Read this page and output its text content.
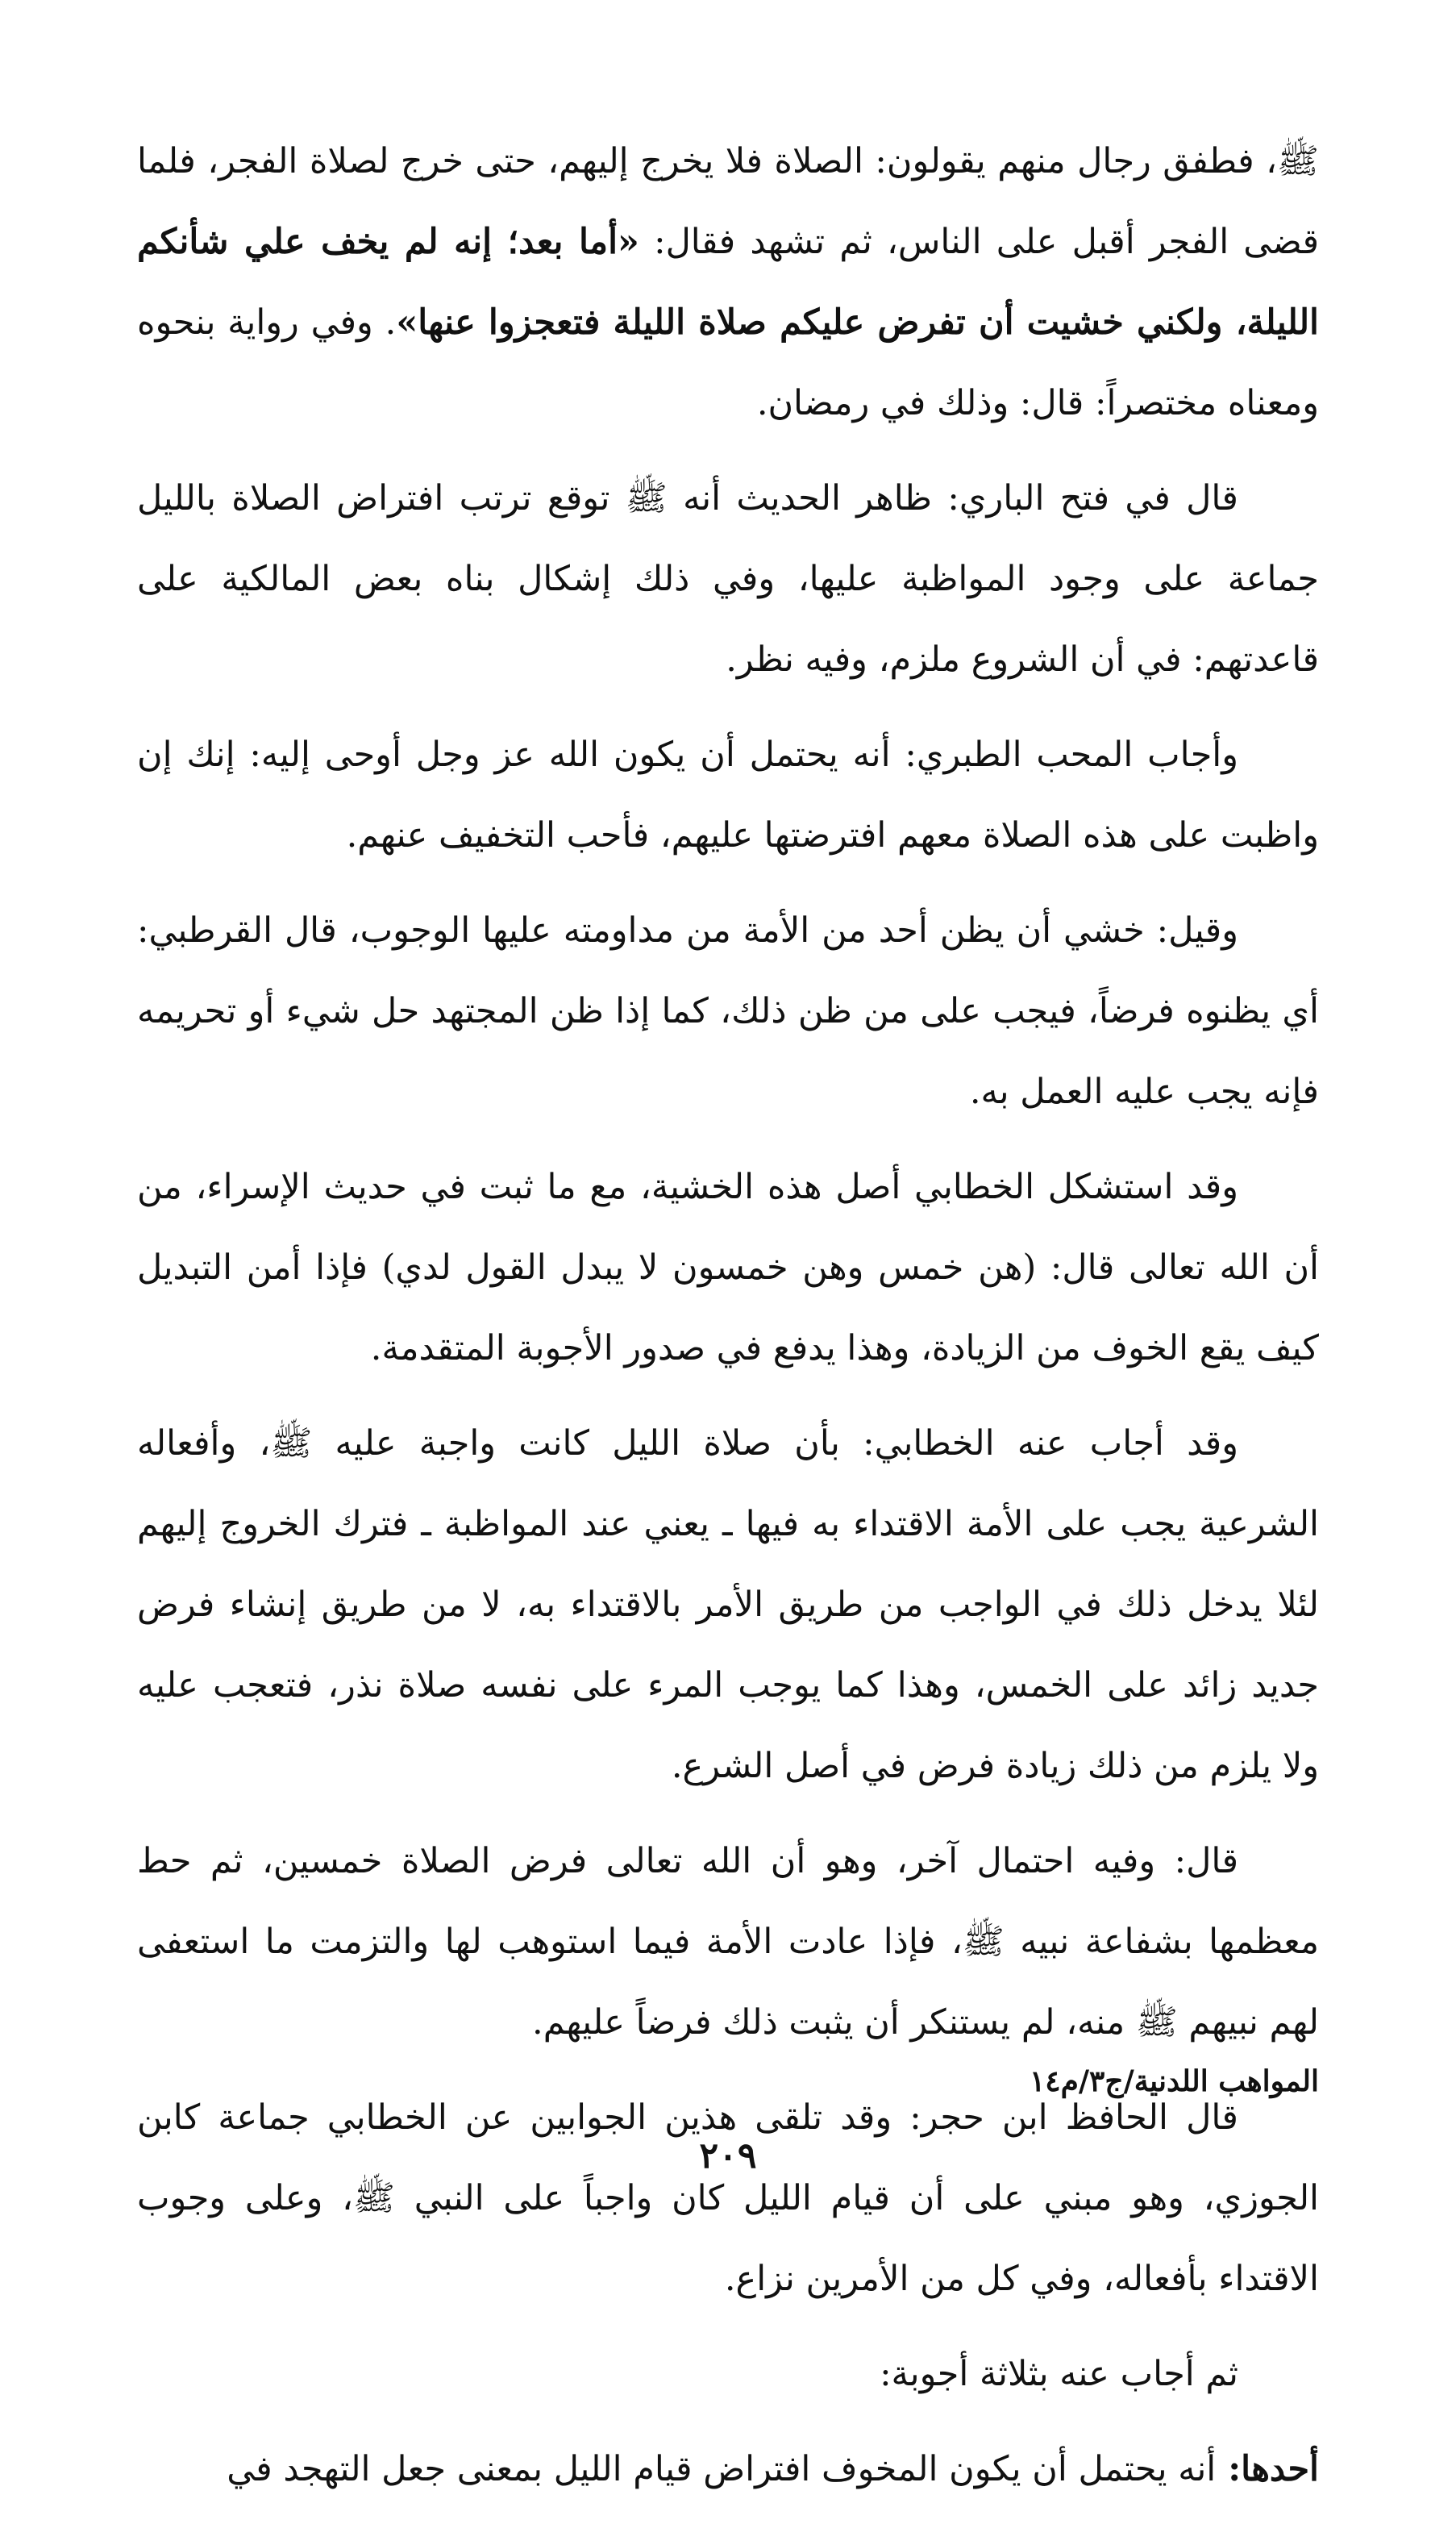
ﷺ، فطفق رجال منهم يقولون: الصلاة فلا يخرج إليهم، حتى خرج لصلاة الفجر، فلما قضى الفجر أقبل على الناس، ثم تشهد فقال: «أما بعد؛ إنه لم يخف علي شأنكم الليلة، ولكني خشيت أن تفرض عليكم صلاة الليلة فتعجزوا عنها». وفي رواية بنحوه ومعناه مختصراً: قال: وذلك في رمضان.

قال في فتح الباري: ظاهر الحديث أنه ﷺ توقع ترتب افتراض الصلاة بالليل جماعة على وجود المواظبة عليها، وفي ذلك إشكال بناه بعض المالكية على قاعدتهم: في أن الشروع ملزم، وفيه نظر.

وأجاب المحب الطبري: أنه يحتمل أن يكون الله عز وجل أوحى إليه: إنك إن واظبت على هذه الصلاة معهم افترضتها عليهم، فأحب التخفيف عنهم.

وقيل: خشي أن يظن أحد من الأمة من مداومته عليها الوجوب، قال القرطبي: أي يظنوه فرضاً، فيجب على من ظن ذلك، كما إذا ظن المجتهد حل شيء أو تحريمه فإنه يجب عليه العمل به.

وقد استشكل الخطابي أصل هذه الخشية، مع ما ثبت في حديث الإسراء، من أن الله تعالى قال: (هن خمس وهن خمسون لا يبدل القول لدي) فإذا أمن التبديل كيف يقع الخوف من الزيادة، وهذا يدفع في صدور الأجوبة المتقدمة.

وقد أجاب عنه الخطابي: بأن صلاة الليل كانت واجبة عليه ﷺ، وأفعاله الشرعية يجب على الأمة الاقتداء به فيها ـ يعني عند المواظبة ـ فترك الخروج إليهم لئلا يدخل ذلك في الواجب من طريق الأمر بالاقتداء به، لا من طريق إنشاء فرض جديد زائد على الخمس، وهذا كما يوجب المرء على نفسه صلاة نذر، فتعجب عليه ولا يلزم من ذلك زيادة فرض في أصل الشرع.

قال: وفيه احتمال آخر، وهو أن الله تعالى فرض الصلاة خمسين، ثم حط معظمها بشفاعة نبيه ﷺ، فإذا عادت الأمة فيما استوهب لها والتزمت ما استعفى لهم نبيهم ﷺ منه، لم يستنكر أن يثبت ذلك فرضاً عليهم.

قال الحافظ ابن حجر: وقد تلقى هذين الجوابين عن الخطابي جماعة كابن الجوزي، وهو مبني على أن قيام الليل كان واجباً على النبي ﷺ، وعلى وجوب الاقتداء بأفعاله، وفي كل من الأمرين نزاع.

ثم أجاب عنه بثلاثة أجوبة:

أحدها: أنه يحتمل أن يكون المخوف افتراض قيام الليل بمعنى جعل التهجد في

المواهب اللدنية/ج٣/م١٤
٢٠٩
